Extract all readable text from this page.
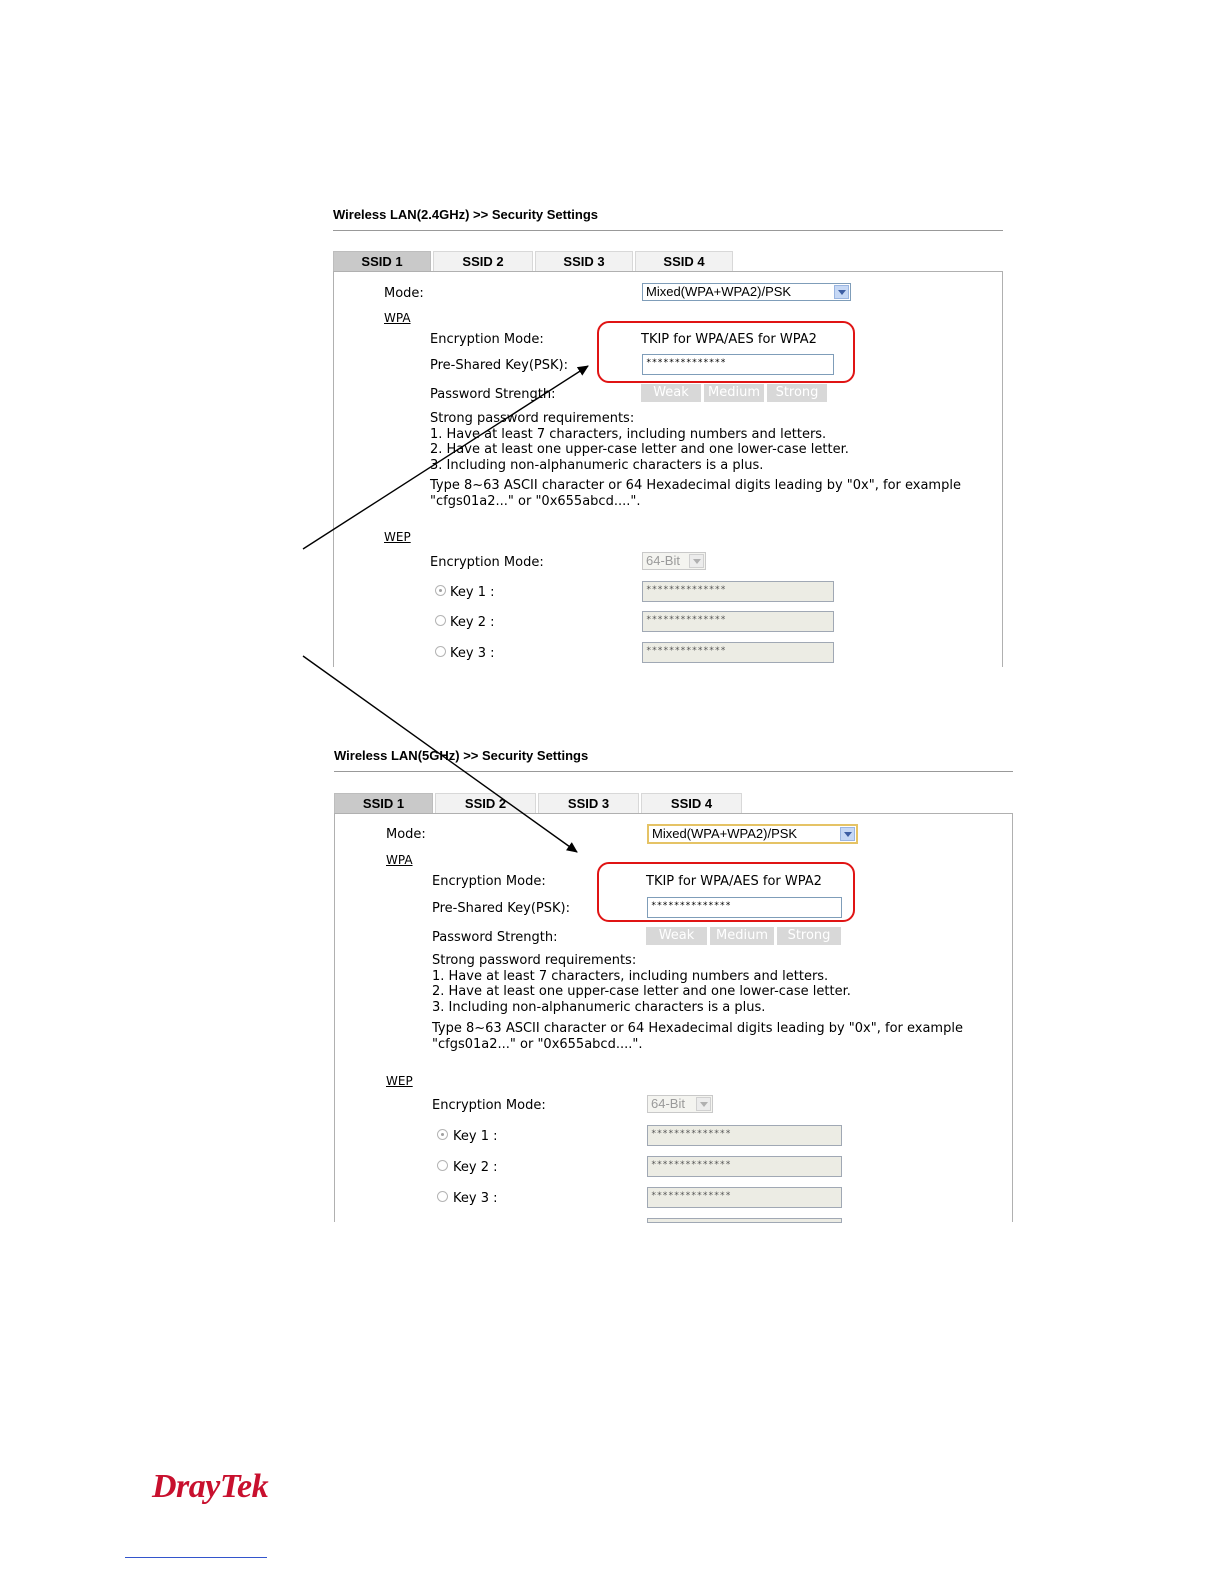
Wireless LAN(2.4GHz) >> Security Settings
SSID 1	SSID 2	SSID 3	SSID 4
Mode:	Mixed(WPA+WPA2)/PSK
WPA
Encryption Mode:	TKIP for WPA/AES for WPA2
Pre-Shared Key(PSK):	**************
Password Strength:	Weak	Medium	Strong
Strong password requirements:
1. Have at least 7 characters, including numbers and letters.
2. Have at least one upper-case letter and one lower-case letter.
3. Including non-alphanumeric characters is a plus.
Type 8~63 ASCII character or 64 Hexadecimal digits leading by "0x", for example
"cfgs01a2..." or "0x655abcd....".
WEP
Encryption Mode:	64-Bit
Key 1 :	**************
Key 2 :	**************
Key 3 :	**************
Wireless LAN(5GHz) >> Security Settings
SSID 1	SSID 2	SSID 3	SSID 4
Mode:	Mixed(WPA+WPA2)/PSK
WPA
Encryption Mode:	TKIP for WPA/AES for WPA2
Pre-Shared Key(PSK):	**************
Password Strength:	Weak	Medium	Strong
Strong password requirements:
1. Have at least 7 characters, including numbers and letters.
2. Have at least one upper-case letter and one lower-case letter.
3. Including non-alphanumeric characters is a plus.
Type 8~63 ASCII character or 64 Hexadecimal digits leading by "0x", for example
"cfgs01a2..." or "0x655abcd....".
WEP
Encryption Mode:	64-Bit
Key 1 :	**************
Key 2 :	**************
Key 3 :	**************
DrayTek
